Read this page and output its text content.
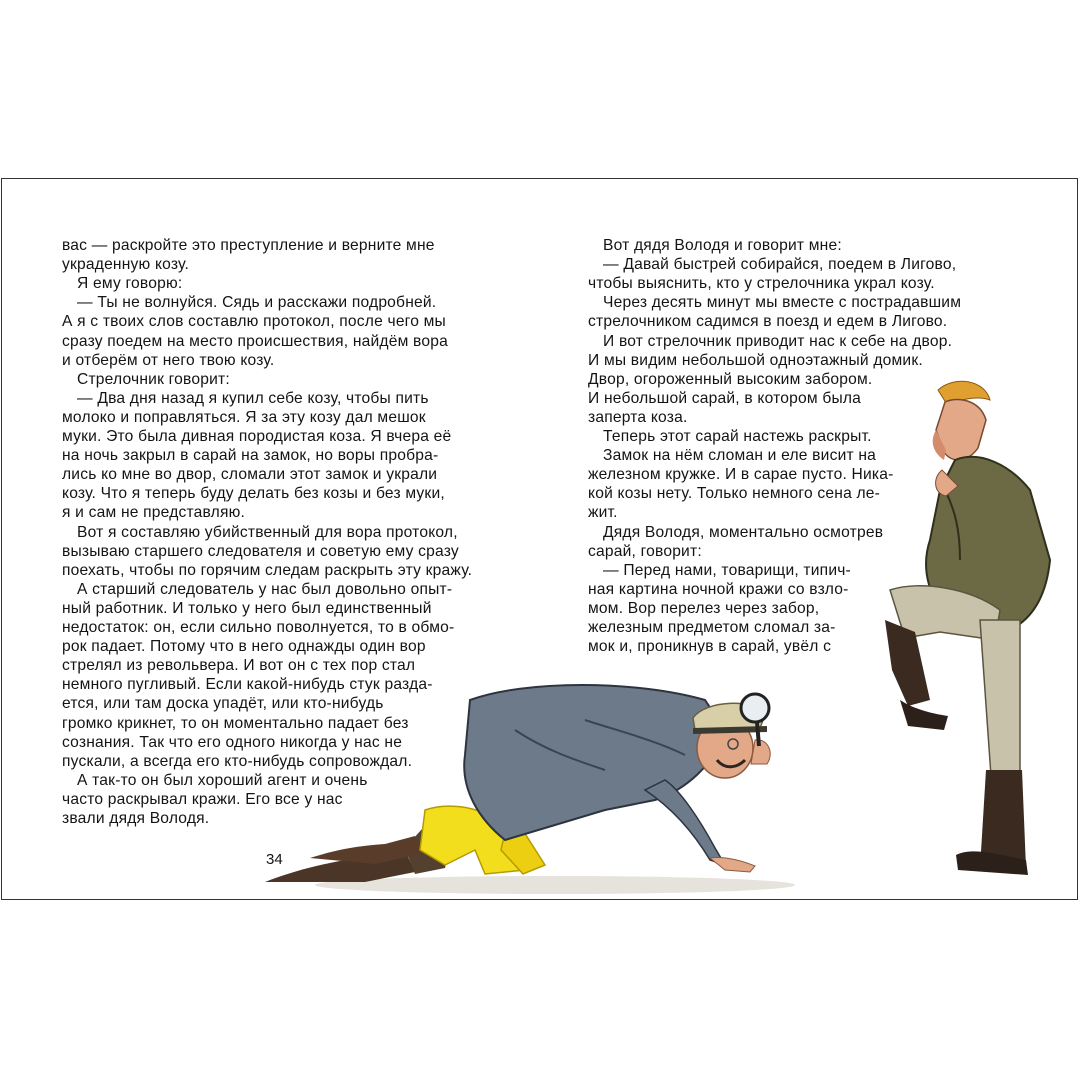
вас — раскройте это преступление и верните мне
украденную козу.
Я ему говорю:
— Ты не волнуйся. Сядь и расскажи подробней.
А я с твоих слов составлю протокол, после чего мы
сразу поедем на место происшествия, найдём вора
и отберём от него твою козу.
Стрелочник говорит:
— Два дня назад я купил себе козу, чтобы пить
молоко и поправляться. Я за эту козу дал мешок
муки. Это была дивная породистая коза. Я вчера её
на ночь закрыл в сарай на замок, но воры пробра-
лись ко мне во двор, сломали этот замок и украли
козу. Что я теперь буду делать без козы и без муки,
я и сам не представляю.
Вот я составляю убийственный для вора протокол,
вызываю старшего следователя и советую ему сразу
поехать, чтобы по горячим следам раскрыть эту кражу.
А старший следователь у нас был довольно опыт-
ный работник. И только у него был единственный
недостаток: он, если сильно поволнуется, то в обмо-
рок падает. Потому что в него однажды один вор
стрелял из револьвера. И вот он с тех пор стал
немного пугливый. Если какой-нибудь стук разда-
ется, или там доска упадёт, или кто-нибудь
громко крикнет, то он моментально падает без
сознания. Так что его одного никогда у нас не
пускали, а всегда его кто-нибудь сопровождал.
А так-то он был хороший агент и очень
часто раскрывал кражи. Его все у нас
звали дядя Володя.
Вот дядя Володя и говорит мне:
— Давай быстрей собирайся, поедем в Лигово,
чтобы выяснить, кто у стрелочника украл козу.
Через десять минут мы вместе с пострадавшим
стрелочником садимся в поезд и едем в Лигово.
И вот стрелочник приводит нас к себе на двор.
И мы видим небольшой одноэтажный домик.
Двор, огороженный высоким забором.
И небольшой сарай, в котором была
заперта коза.
Теперь этот сарай настежь раскрыт.
Замок на нём сломан и еле висит на
железном кружке. И в сарае пусто. Ника-
кой козы нету. Только немного сена ле-
жит.
Дядя Володя, моментально осмотрев
сарай, говорит:
— Перед нами, товарищи, типич-
ная картина ночной кражи со взло-
мом. Вор перелез через забор,
железным предметом сломал за-
мок и, проникнув в сарай, увёл с
34
